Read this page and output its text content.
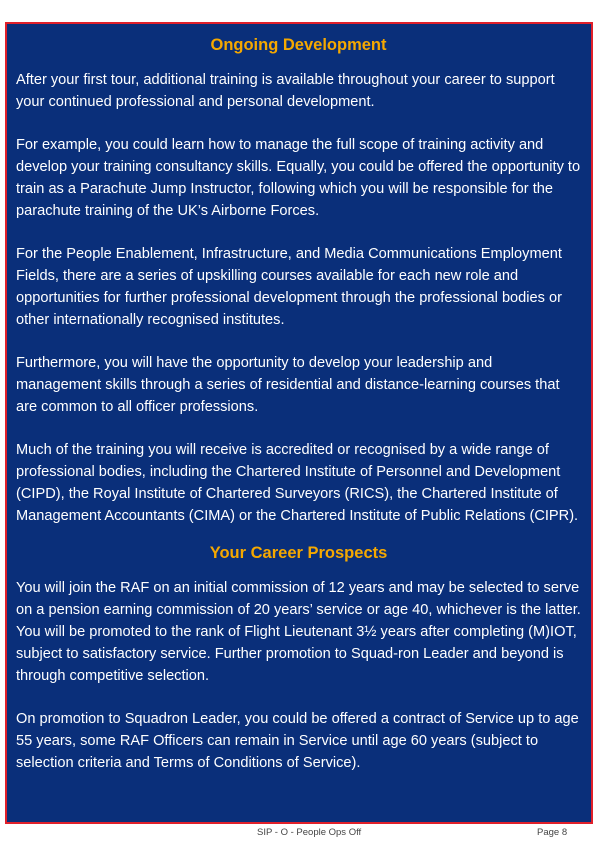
Ongoing Development

After your first tour, additional training is available throughout your career to support your continued professional and personal development.

For example, you could learn how to manage the full scope of training activity and develop your training consultancy skills. Equally, you could be offered the opportunity to train as a Parachute Jump Instructor, following which you will be responsible for the parachute training of the UK’s Airborne Forces.

For the People Enablement, Infrastructure, and Media Communications Employment Fields, there are a series of upskilling courses available for each new role and opportunities for further professional development through the professional bodies or other internationally recognised institutes.

Furthermore, you will have the opportunity to develop your leadership and management skills through a series of residential and distance-learning courses that are common to all officer professions.

Much of the training you will receive is accredited or recognised by a wide range of professional bodies, including the Chartered Institute of Personnel and Development (CIPD), the Royal Institute of Chartered Surveyors (RICS), the Chartered Institute of Management Accountants (CIMA) or the Chartered Institute of Public Relations (CIPR).

Your Career Prospects

You will join the RAF on an initial commission of 12 years and may be selected to serve on a pension earning commission of 20 years’ service or age 40, whichever is the latter. You will be promoted to the rank of Flight Lieutenant 3½ years after completing (M)IOT, subject to satisfactory service. Further promotion to Squad-ron Leader and beyond is through competitive selection.

On promotion to Squadron Leader, you could be offered a contract of Service up to age 55 years, some RAF Officers can remain in Service until age 60 years (subject to selection criteria and Terms of Conditions of Service).

SIP - O - People Ops Off	Page 8
